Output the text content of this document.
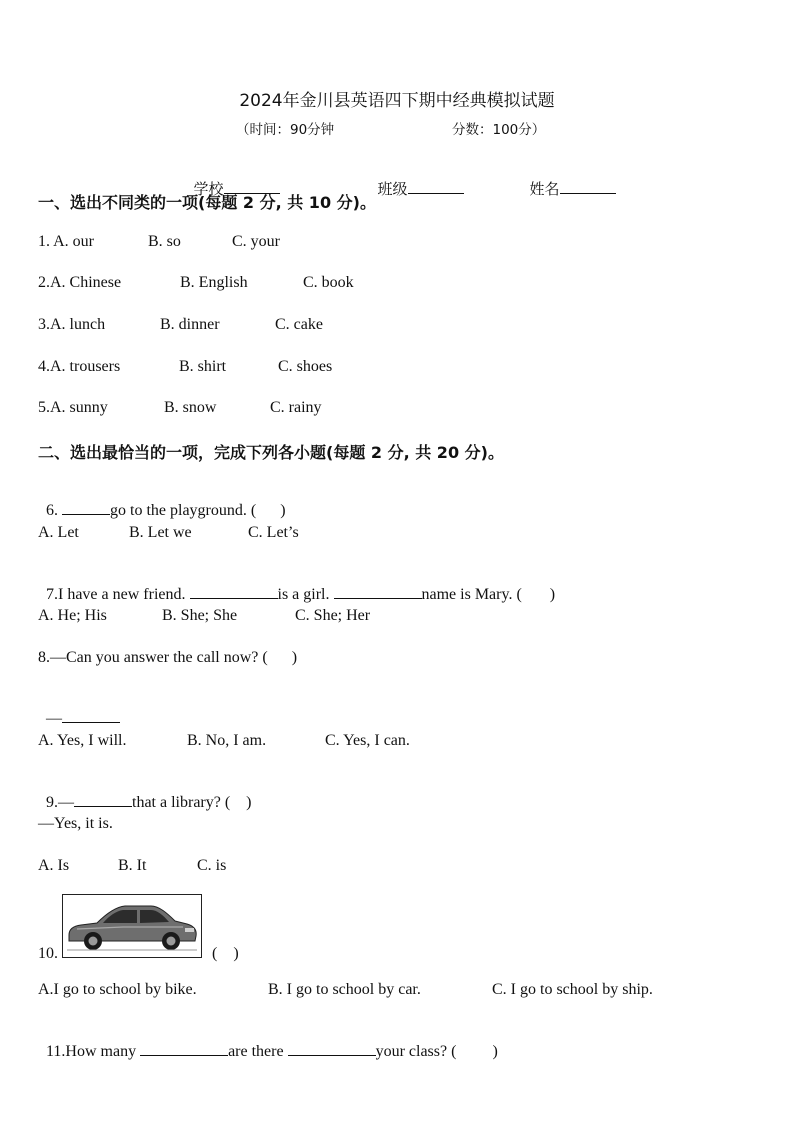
2024年金川县英语四下期中经典模拟试题
（时间：90分钟	分数：100分）

学校	班级	姓名

一、选出不同类的一项(每题 2 分, 共 10 分)。
1. A. our	B. so	C. your
2.A. Chinese	B. English	C. book
3.A. lunch	B. dinner	C. cake
4.A. trousers	B. shirt	C. shoes
5.A. sunny	B. snow	C. rainy
二、选出最恰当的一项，完成下列各小题(每题 2 分, 共 20 分)。

6.	go to the playground. (      )

A. Let	B. Let we	C. Let’s

7.I have a new friend.	is a girl.	name is Mary. (       )

A. He; His	B. She; She	C. She; Her
8.—Can you answer the call now? (      )

—

A. Yes, I will.	B. No, I am.	C. Yes, I can.

9.—	that a library? (    )

—Yes, it is.
A. Is	B. It	C. is
10.	(    )
A.I go to school by bike.	B. I go to school by car.	C. I go to school by ship.

11.How many	are there	your class? (         )
